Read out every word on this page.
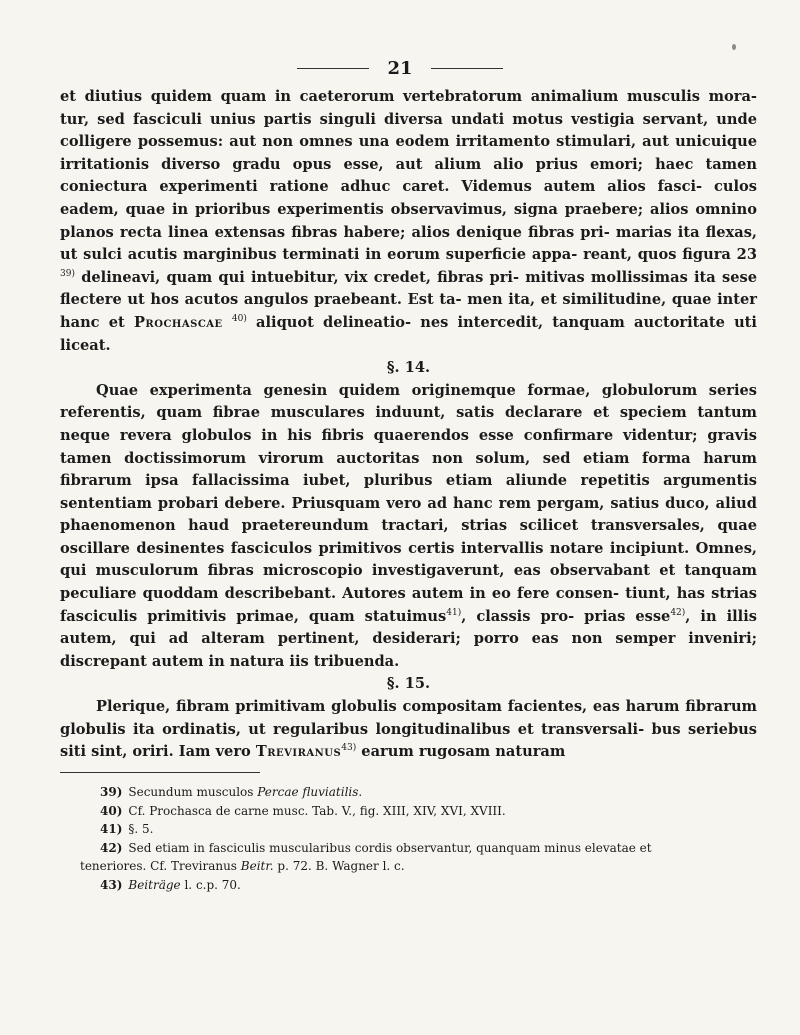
21

et diutius quidem quam in caeterorum vertebratorum animalium musculis mora- tur, sed fasciculi unius partis singuli diversa undati motus vestigia servant, unde colligere possemus: aut non omnes una eodem irritamento stimulari, aut unicuique irritationis diverso gradu opus esse, aut alium alio prius emori; haec tamen coniectura experimenti ratione adhuc caret. Videmus autem alios fasci- culos eadem, quae in prioribus experimentis observavimus, signa praebere; alios omnino planos recta linea extensas fibras habere; alios denique fibras pri- marias ita flexas, ut sulci acutis marginibus terminati in eorum superficie appa- reant, quos figura 23 $^{39)}$ delineavi, quam qui intuebitur, vix credet, fibras pri- mitivas mollissimas ita sese flectere ut hos acutos angulos praebeant. Est ta- men ita, et similitudine, quae inter hanc et Prochascae $^{40)}$ aliquot delineatio- nes intercedit, tanquam auctoritate uti liceat.

§. 14.

Quae experimenta genesin quidem originemque formae, globulorum series referentis, quam fibrae musculares induunt, satis declarare et speciem tantum neque revera globulos in his fibris quaerendos esse confirmare videntur; gravis tamen doctissimorum virorum auctoritas non solum, sed etiam forma harum fibrarum ipsa fallacissima iubet, pluribus etiam aliunde repetitis argumentis sententiam probari debere. Priusquam vero ad hanc rem pergam, satius duco, aliud phaenomenon haud praetereundum tractari, strias scilicet transversales, quae oscillare desinentes fasciculos primitivos certis intervallis notare incipiunt. Omnes, qui musculorum fibras microscopio investigaverunt, eas observabant et tanquam peculiare quoddam describebant. Autores autem in eo fere consen- tiunt, has strias fasciculis primitivis primae, quam statuimus$^{41)}$, classis pro- prias esse$^{42)}$, in illis autem, qui ad alteram pertinent, desiderari; porro eas non semper inveniri; discrepant autem in natura iis tribuenda.

§. 15.

Plerique, fibram primitivam globulis compositam facientes, eas harum fibrarum globulis ita ordinatis, ut regularibus longitudinalibus et transversali- bus seriebus siti sint, oriri. Iam vero Treviranus$^{43)}$ earum rugosam naturam

39) Secundum musculos Percae fluviatilis.

40) Cf. Prochasca de carne musc. Tab. V., fig. XIII, XIV, XVI, XVIII.

41) §. 5.

42) Sed etiam in fasciculis muscularibus cordis observantur, quanquam minus elevatae et

teneriores. Cf. Treviranus Beitr. p. 72. B. Wagner l. c.

43) Beiträge l. c.p. 70.
